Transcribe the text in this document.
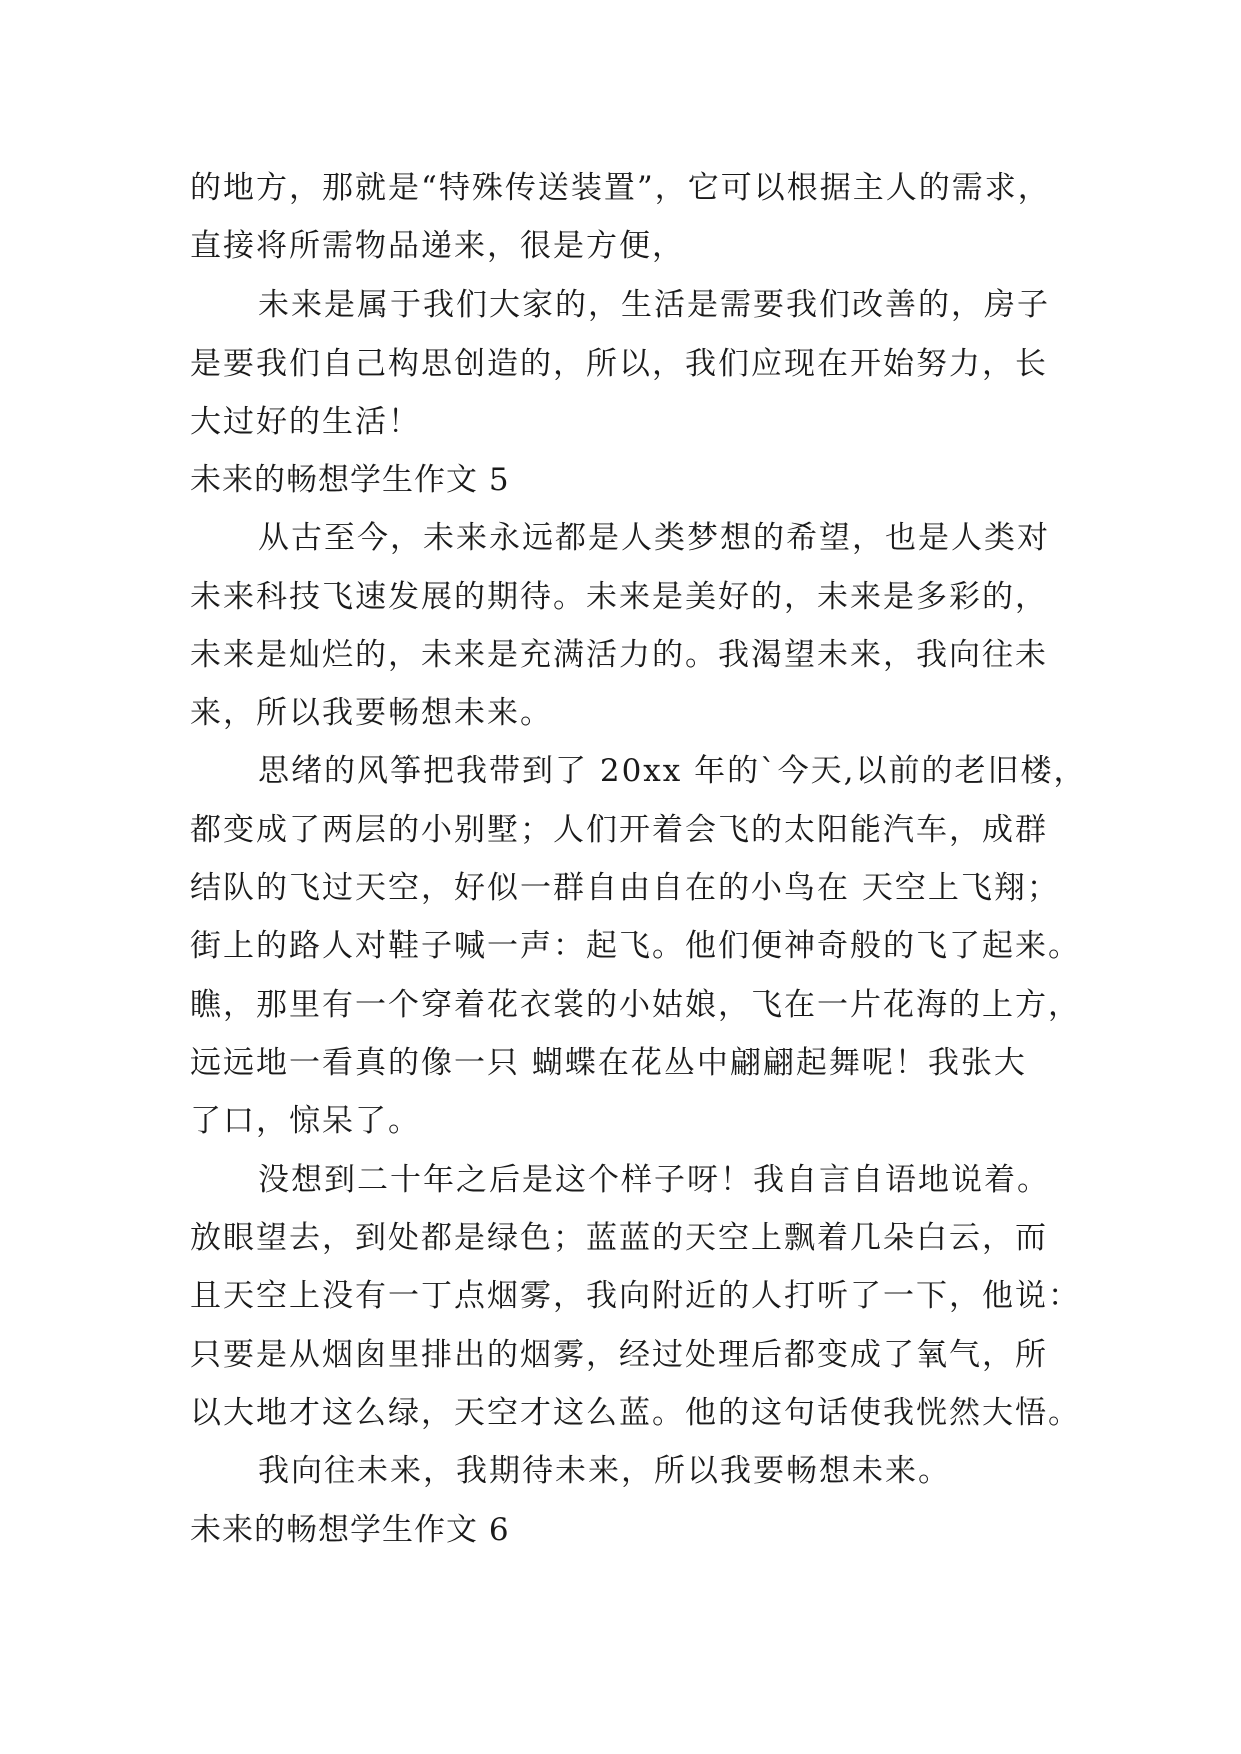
的地方，那就是“特殊传送装置”，它可以根据主人的需求，
直接将所需物品递来，很是方便，
未来是属于我们大家的，生活是需要我们改善的，房子
是要我们自己构思创造的，所以，我们应现在开始努力，长
大过好的生活！
未来的畅想学生作文 5
从古至今，未来永远都是人类梦想的希望，也是人类对
未来科技飞速发展的期待。未来是美好的，未来是多彩的，
未来是灿烂的，未来是充满活力的。我渴望未来，我向往未
来，所以我要畅想未来。
思绪的风筝把我带到了 20xx 年的`今天,以前的老旧楼，
都变成了两层的小别墅；人们开着会飞的太阳能汽车，成群
结队的飞过天空，好似一群自由自在的小鸟在 天空上飞翔；
街上的路人对鞋子喊一声：起飞。他们便神奇般的飞了起来。
瞧，那里有一个穿着花衣裳的小姑娘，飞在一片花海的上方，
远远地一看真的像一只 蝴蝶在花丛中翩翩起舞呢！我张大
了口，惊呆了。
没想到二十年之后是这个样子呀！我自言自语地说着。
放眼望去，到处都是绿色；蓝蓝的天空上飘着几朵白云，而
且天空上没有一丁点烟雾，我向附近的人打听了一下，他说：
只要是从烟囱里排出的烟雾，经过处理后都变成了氧气，所
以大地才这么绿，天空才这么蓝。他的这句话使我恍然大悟。
我向往未来，我期待未来，所以我要畅想未来。
未来的畅想学生作文 6
